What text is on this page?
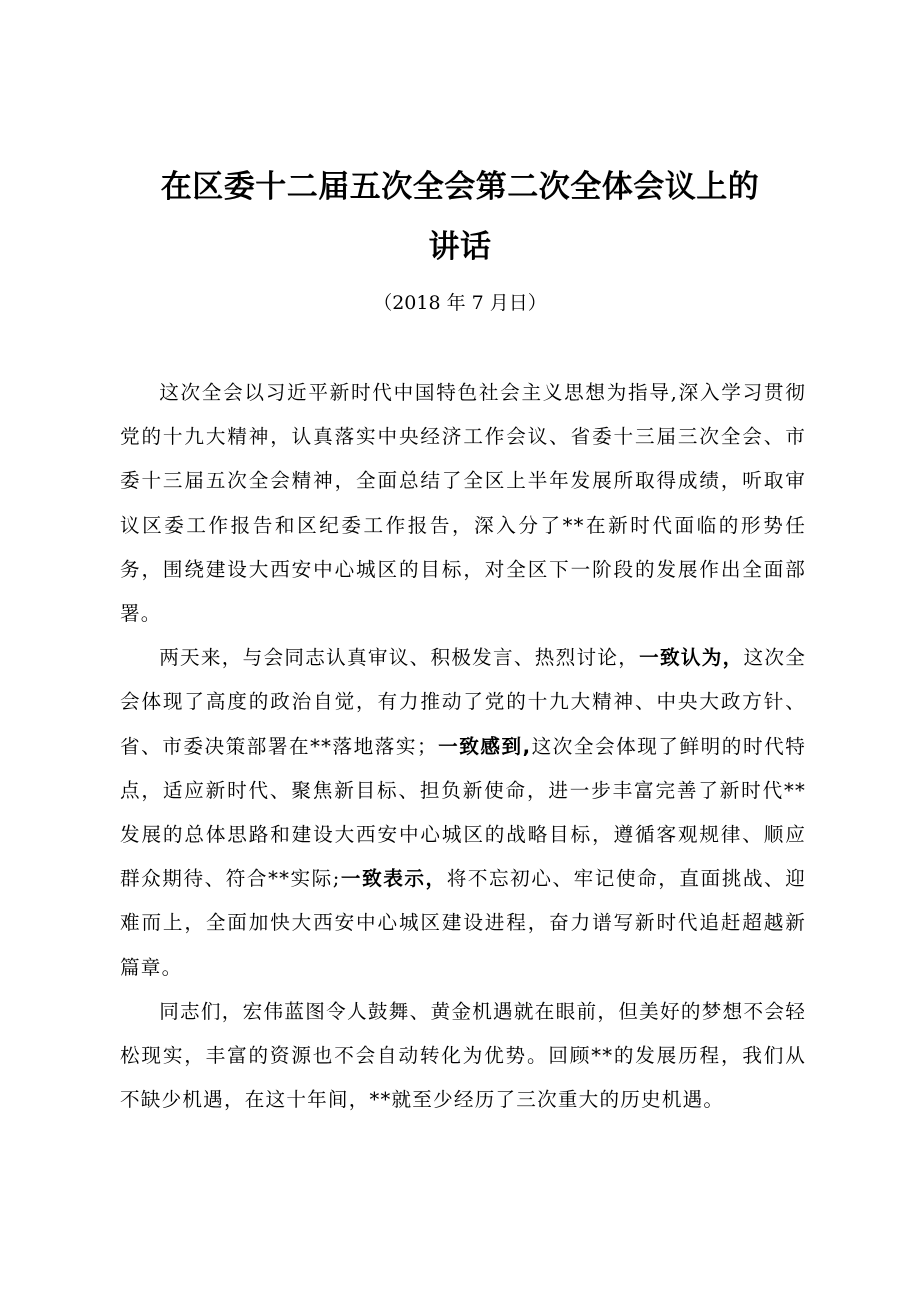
在区委十二届五次全会第二次全体会议上的
讲话
（2018 年 7 月日）

这次全会以习近平新时代中国特色社会主义思想为指导,深入学习贯彻党的十九大精神，认真落实中央经济工作会议、省委十三届三次全会、市委十三届五次全会精神，全面总结了全区上半年发展所取得成绩，听取审议区委工作报告和区纪委工作报告，深入分了**在新时代面临的形势任务，围绕建设大西安中心城区的目标，对全区下一阶段的发展作出全面部署。

两天来，与会同志认真审议、积极发言、热烈讨论，一致认为，这次全会体现了高度的政治自觉，有力推动了党的十九大精神、中央大政方针、省、市委决策部署在**落地落实；一致感到,这次全会体现了鲜明的时代特点，适应新时代、聚焦新目标、担负新使命，进一步丰富完善了新时代**发展的总体思路和建设大西安中心城区的战略目标，遵循客观规律、顺应群众期待、符合**实际;一致表示，将不忘初心、牢记使命，直面挑战、迎难而上，全面加快大西安中心城区建设进程，奋力谱写新时代追赶超越新篇章。

同志们，宏伟蓝图令人鼓舞、黄金机遇就在眼前，但美好的梦想不会轻松现实，丰富的资源也不会自动转化为优势。回顾**的发展历程，我们从不缺少机遇，在这十年间，**就至少经历了三次重大的历史机遇。
